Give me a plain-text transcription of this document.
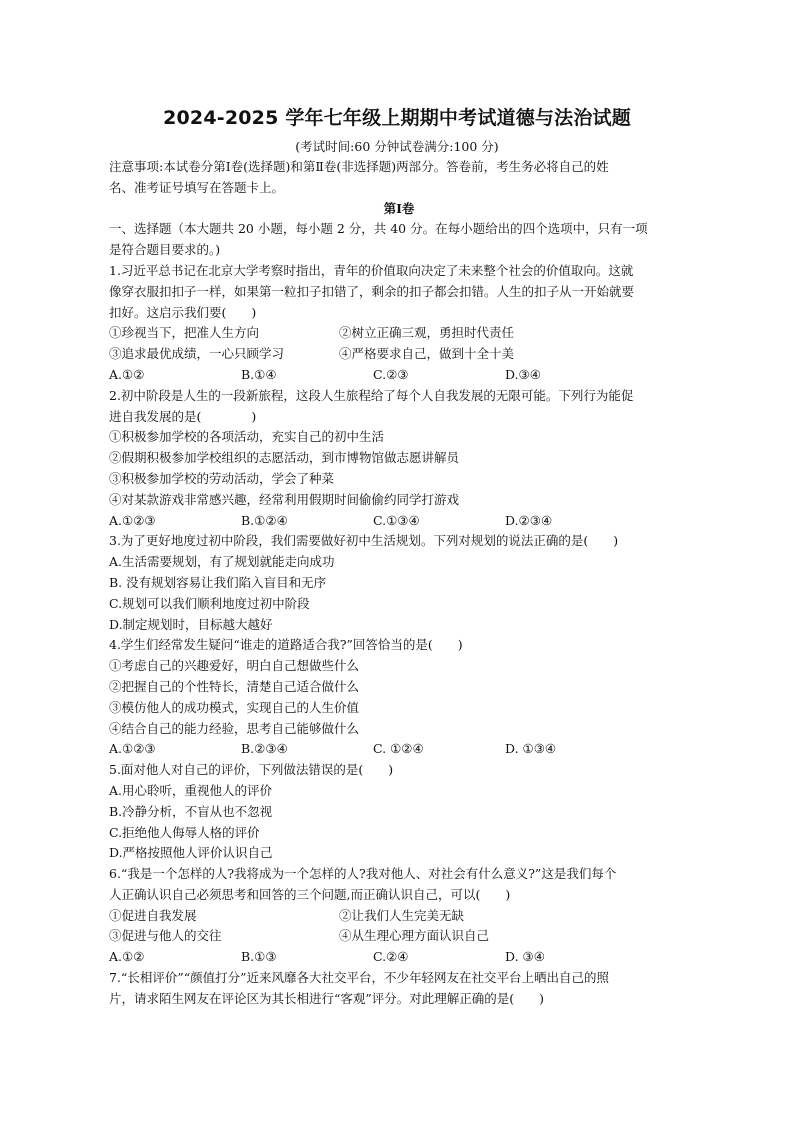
2024-2025 学年七年级上期期中考试道德与法治试题
(考试时间:60 分钟试卷满分:100 分)
注意事项:本试卷分第Ⅰ卷(选择题)和第Ⅱ卷(非选择题)两部分。答卷前，考生务必将自己的姓
名、准考证号填写在答题卡上。
第Ⅰ卷
一、选择题（本大题共 20 小题，每小题 2 分，共 40 分。在每小题给出的四个选项中，只有一项
是符合题目要求的。)
1.习近平总书记在北京大学考察时指出，青年的价值取向决定了未来整个社会的价值取向。这就
像穿衣服扣扣子一样，如果第一粒扣子扣错了，剩余的扣子都会扣错。人生的扣子从一开始就要
扣好。这启示我们要(　　)
①珍视当下，把准人生方向	②树立正确三观，勇担时代责任
③追求最优成绩，一心只顾学习	④严格要求自己，做到十全十美
A.①②	B.①④	C.②③	D.③④
2.初中阶段是人生的一段新旅程，这段人生旅程给了每个人自我发展的无限可能。下列行为能促
进自我发展的是(　　　　)
①积极参加学校的各项活动，充实自己的初中生活
②假期积极参加学校组织的志愿活动，到市博物馆做志愿讲解员
③积极参加学校的劳动活动，学会了种菜
④对某款游戏非常感兴趣，经常利用假期时间偷偷约同学打游戏
A.①②③	B.①②④	C.①③④	D.②③④
3.为了更好地度过初中阶段，我们需要做好初中生活规划。下列对规划的说法正确的是(　　)
A.生活需要规划，有了规划就能走向成功
B. 没有规划容易让我们陷入盲目和无序
C.规划可以我们顺利地度过初中阶段
D.制定规划时，目标越大越好
4.学生们经常发生疑问“谁走的道路适合我?”回答恰当的是(　　)
①考虑自己的兴趣爱好，明白自己想做些什么
②把握自己的个性特长，清楚自己适合做什么
③模仿他人的成功模式，实现自己的人生价值
④结合自己的能力经验，思考自己能够做什么
A.①②③	B.②③④	C. ①②④	D. ①③④
5.面对他人对自己的评价，下列做法错误的是(　　)
A.用心聆听，重视他人的评价
B.冷静分析，不盲从也不忽视
C.拒绝他人侮辱人格的评价
D.严格按照他人评价认识自己
6.“我是一个怎样的人?我将成为一个怎样的人?我对他人、对社会有什么意义?”这是我们每个
人正确认识自己必须思考和回答的三个问题,而正确认识自己，可以(　　)
①促进自我发展	②让我们人生完美无缺
③促进与他人的交往	④从生理心理方面认识自己
A.①②	B.①③	C.②④	D. ③④
7.“长相评价”“颜值打分”近来风靡各大社交平台，不少年轻网友在社交平台上晒出自己的照
片，请求陌生网友在评论区为其长相进行“客观”评分。对此理解正确的是(　　)
